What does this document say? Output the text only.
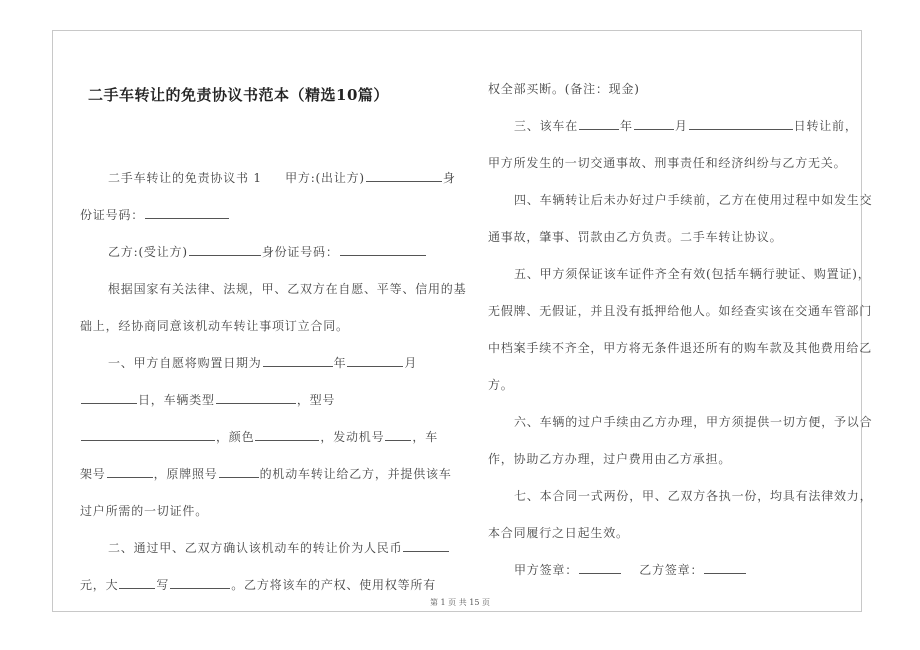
二手车转让的免责协议书范本（精选10篇）
二手车转让的免责协议书 1 甲方:(出让方)	身
份证号码：
乙方:(受让方)	身份证号码：
根据国家有关法律、法规，甲、乙双方在自愿、平等、信用的基
础上，经协商同意该机动车转让事项订立合同。
一、甲方自愿将购置日期为	年	月
日，车辆类型	，型号
，颜色	，发动机号 ，车
架号	，原牌照号	的机动车转让给乙方，并提供该车
过户所需的一切证件。
二、通过甲、乙双方确认该机动车的转让价为人民币
元，大	写	。乙方将该车的产权、使用权等所有
权全部买断。(备注：现金)
三、该车在	年	月	日转让前，
甲方所发生的一切交通事故、刑事责任和经济纠纷与乙方无关。
四、车辆转让后未办好过户手续前，乙方在使用过程中如发生交
通事故，肇事、罚款由乙方负责。二手车转让协议。
五、甲方须保证该车证件齐全有效(包括车辆行驶证、购置证)，
无假牌、无假证，并且没有抵押给他人。如经查实该在交通车管部门
中档案手续不齐全，甲方将无条件退还所有的购车款及其他费用给乙
方。
六、车辆的过户手续由乙方办理，甲方须提供一切方便，予以合
作，协助乙方办理，过户费用由乙方承担。
七、本合同一式两份，甲、乙双方各执一份，均具有法律效力，
本合同履行之日起生效。
甲方签章：	乙方签章：
第 1 页 共 15 页
